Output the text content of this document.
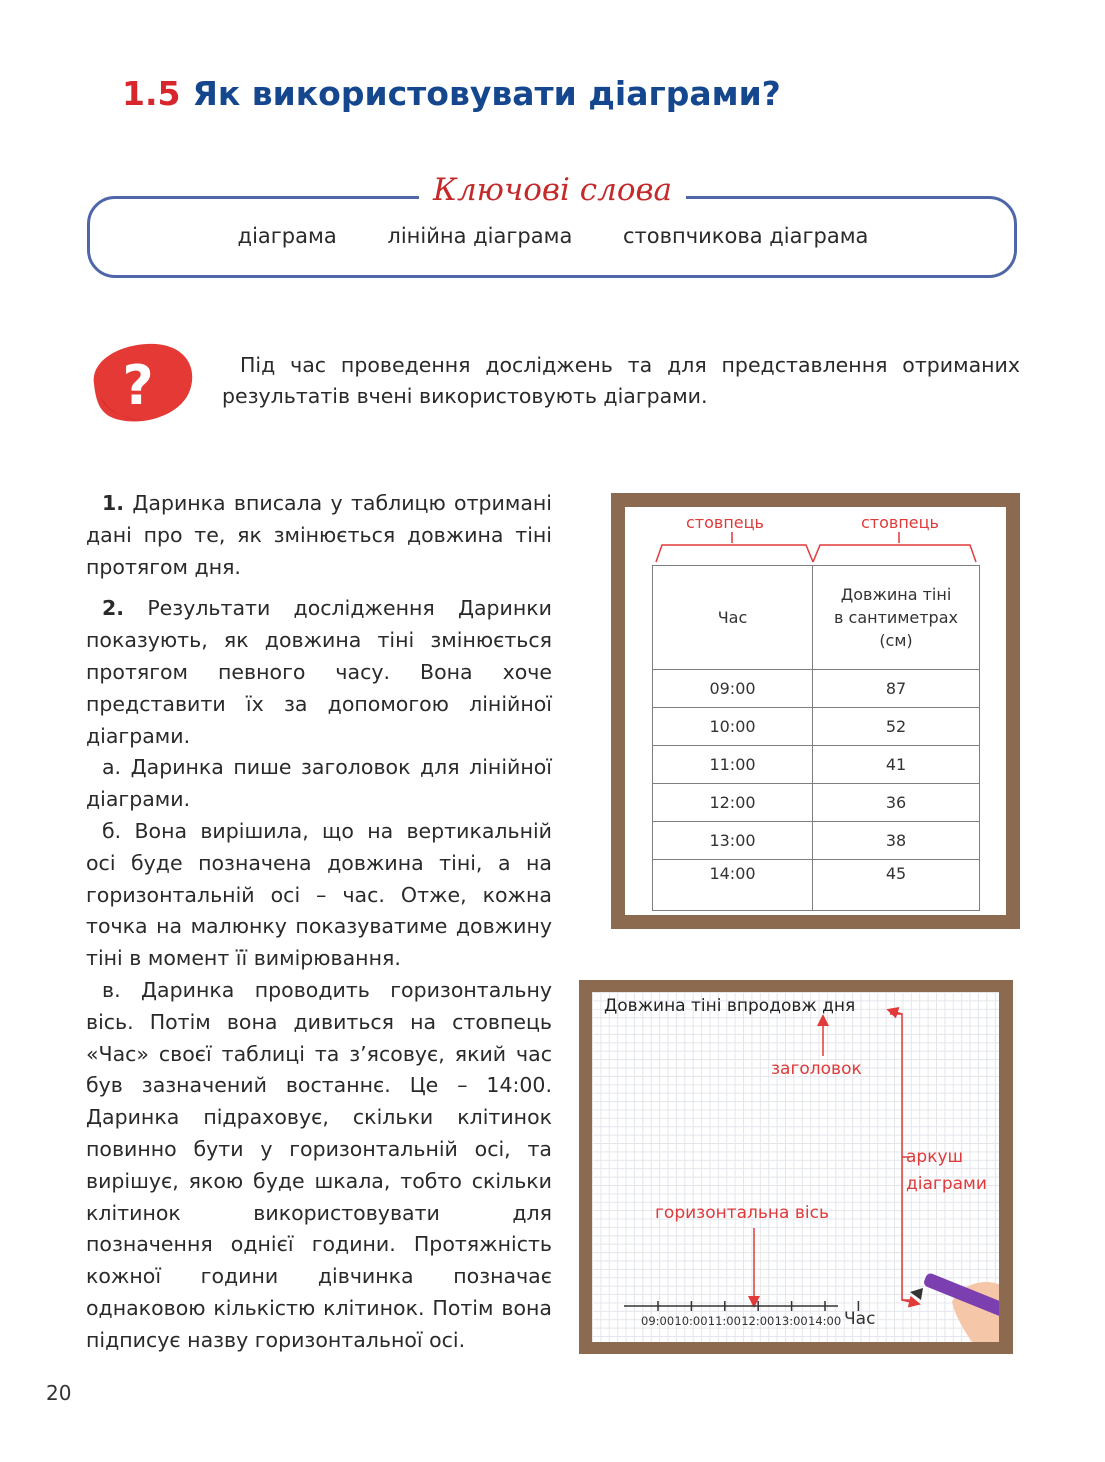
1.5 Як використовувати діаграми?
Ключові слова
діаграма лінійна діаграма стовпчикова діаграма
?	Під час проведення досліджень та для представлення отриманих результатів вчені використовують діаграми.

1. Даринка вписала у таблицю отримані дані про те, як змінюється довжина тіні протягом дня.

2. Результати дослідження Даринки показують, як довжина тіні змінюється протягом певного часу. Вона хоче представити їх за допомогою лінійної діаграми.

а. Даринка пише заголовок для лінійної діаграми.

б. Вона вирішила, що на вертикальній осі буде позначена довжина тіні, а на горизонтальній осі – час. Отже, кожна точка на малюнку показуватиме довжину тіні в момент її вимірювання.

в. Даринка проводить горизонтальну вісь. Потім вона дивиться на стовпець «Час» своєї таблиці та з’ясовує, який час був зазначений востаннє. Це – 14:00. Даринка підраховує, скільки клітинок повинно бути у горизонтальній осі, та вирішує, якою буде шкала, тобто скільки клітинок використовувати для позначення однієї години. Протяжність кожної години дівчинка позначає однаковою кількістю клітинок. Потім вона підписує назву горизонтальної осі.

стовпець	стовпець
Час	Довжина тіні
в сантиметрах
(см)
09:00	87
10:00	52
11:00	41
12:00	36
13:00	38
14:00	45
Довжина тіні впродовж дня
заголовок
аркуш
діаграми
горизонтальна вісь
09:00 10:00 11:00 12:00 13:00 14:00 Час
20
